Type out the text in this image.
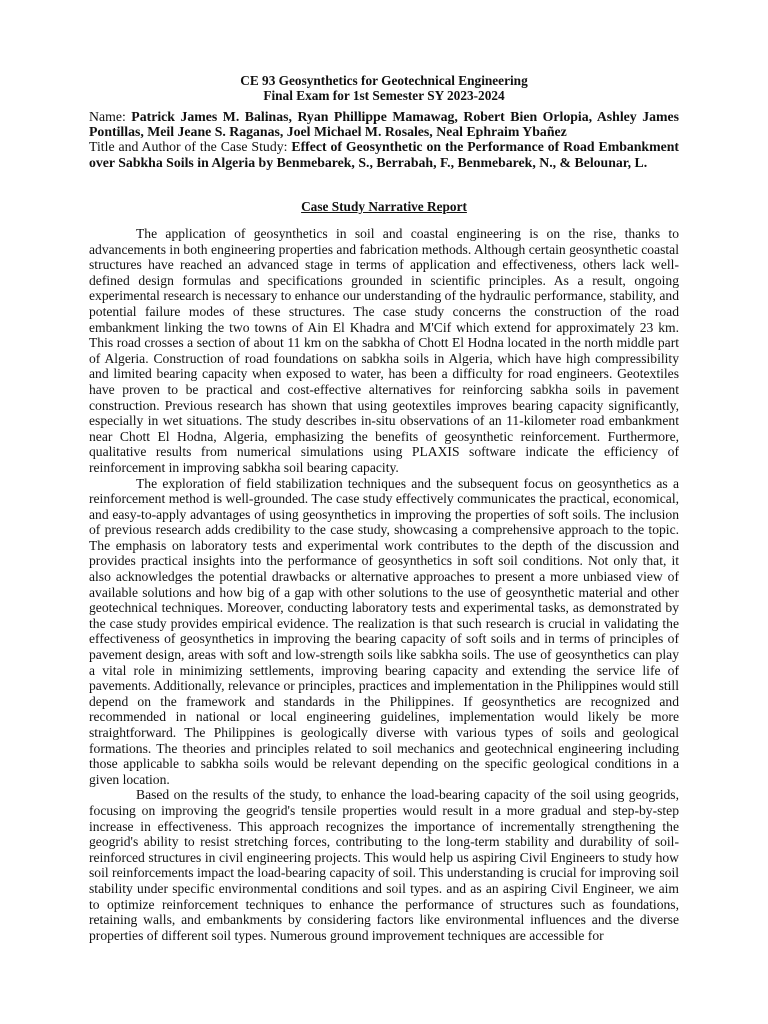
CE 93 Geosynthetics for Geotechnical Engineering
Final Exam for 1st Semester SY 2023-2024

Name: Patrick James M. Balinas, Ryan Phillippe Mamawag, Robert Bien Orlopia, Ashley James Pontillas, Meil Jeane S. Raganas, Joel Michael M. Rosales, Neal Ephraim Ybañez

Title and Author of the Case Study: Effect of Geosynthetic on the Performance of Road Embankment over Sabkha Soils in Algeria by Benmebarek, S., Berrabah, F., Benmebarek, N., & Belounar, L.

Case Study Narrative Report

The application of geosynthetics in soil and coastal engineering is on the rise, thanks to advancements in both engineering properties and fabrication methods. Although certain geosynthetic coastal structures have reached an advanced stage in terms of application and effectiveness, others lack well-defined design formulas and specifications grounded in scientific principles. As a result, ongoing experimental research is necessary to enhance our understanding of the hydraulic performance, stability, and potential failure modes of these structures. The case study concerns the construction of the road embankment linking the two towns of Ain El Khadra and M'Cif which extend for approximately 23 km. This road crosses a section of about 11 km on the sabkha of Chott El Hodna located in the north middle part of Algeria. Construction of road foundations on sabkha soils in Algeria, which have high compressibility and limited bearing capacity when exposed to water, has been a difficulty for road engineers. Geotextiles have proven to be practical and cost-effective alternatives for reinforcing sabkha soils in pavement construction. Previous research has shown that using geotextiles improves bearing capacity significantly, especially in wet situations. The study describes in-situ observations of an 11-kilometer road embankment near Chott El Hodna, Algeria, emphasizing the benefits of geosynthetic reinforcement. Furthermore, qualitative results from numerical simulations using PLAXIS software indicate the efficiency of reinforcement in improving sabkha soil bearing capacity.

The exploration of field stabilization techniques and the subsequent focus on geosynthetics as a reinforcement method is well-grounded. The case study effectively communicates the practical, economical, and easy-to-apply advantages of using geosynthetics in improving the properties of soft soils. The inclusion of previous research adds credibility to the case study, showcasing a comprehensive approach to the topic. The emphasis on laboratory tests and experimental work contributes to the depth of the discussion and provides practical insights into the performance of geosynthetics in soft soil conditions. Not only that, it also acknowledges the potential drawbacks or alternative approaches to present a more unbiased view of available solutions and how big of a gap with other solutions to the use of geosynthetic material and other geotechnical techniques. Moreover, conducting laboratory tests and experimental tasks, as demonstrated by the case study provides empirical evidence. The realization is that such research is crucial in validating the effectiveness of geosynthetics in improving the bearing capacity of soft soils and in terms of principles of pavement design, areas with soft and low-strength soils like sabkha soils. The use of geosynthetics can play a vital role in minimizing settlements, improving bearing capacity and extending the service life of pavements. Additionally, relevance or principles, practices and implementation in the Philippines would still depend on the framework and standards in the Philippines. If geosynthetics are recognized and recommended in national or local engineering guidelines, implementation would likely be more straightforward. The Philippines is geologically diverse with various types of soils and geological formations. The theories and principles related to soil mechanics and geotechnical engineering including those applicable to sabkha soils would be relevant depending on the specific geological conditions in a given location.

Based on the results of the study, to enhance the load-bearing capacity of the soil using geogrids, focusing on improving the geogrid's tensile properties would result in a more gradual and step-by-step increase in effectiveness. This approach recognizes the importance of incrementally strengthening the geogrid's ability to resist stretching forces, contributing to the long-term stability and durability of soil-reinforced structures in civil engineering projects. This would help us aspiring Civil Engineers to study how soil reinforcements impact the load-bearing capacity of soil. This understanding is crucial for improving soil stability under specific environmental conditions and soil types. and as an aspiring Civil Engineer, we aim to optimize reinforcement techniques to enhance the performance of structures such as foundations, retaining walls, and embankments by considering factors like environmental influences and the diverse properties of different soil types. Numerous ground improvement techniques are accessible for
